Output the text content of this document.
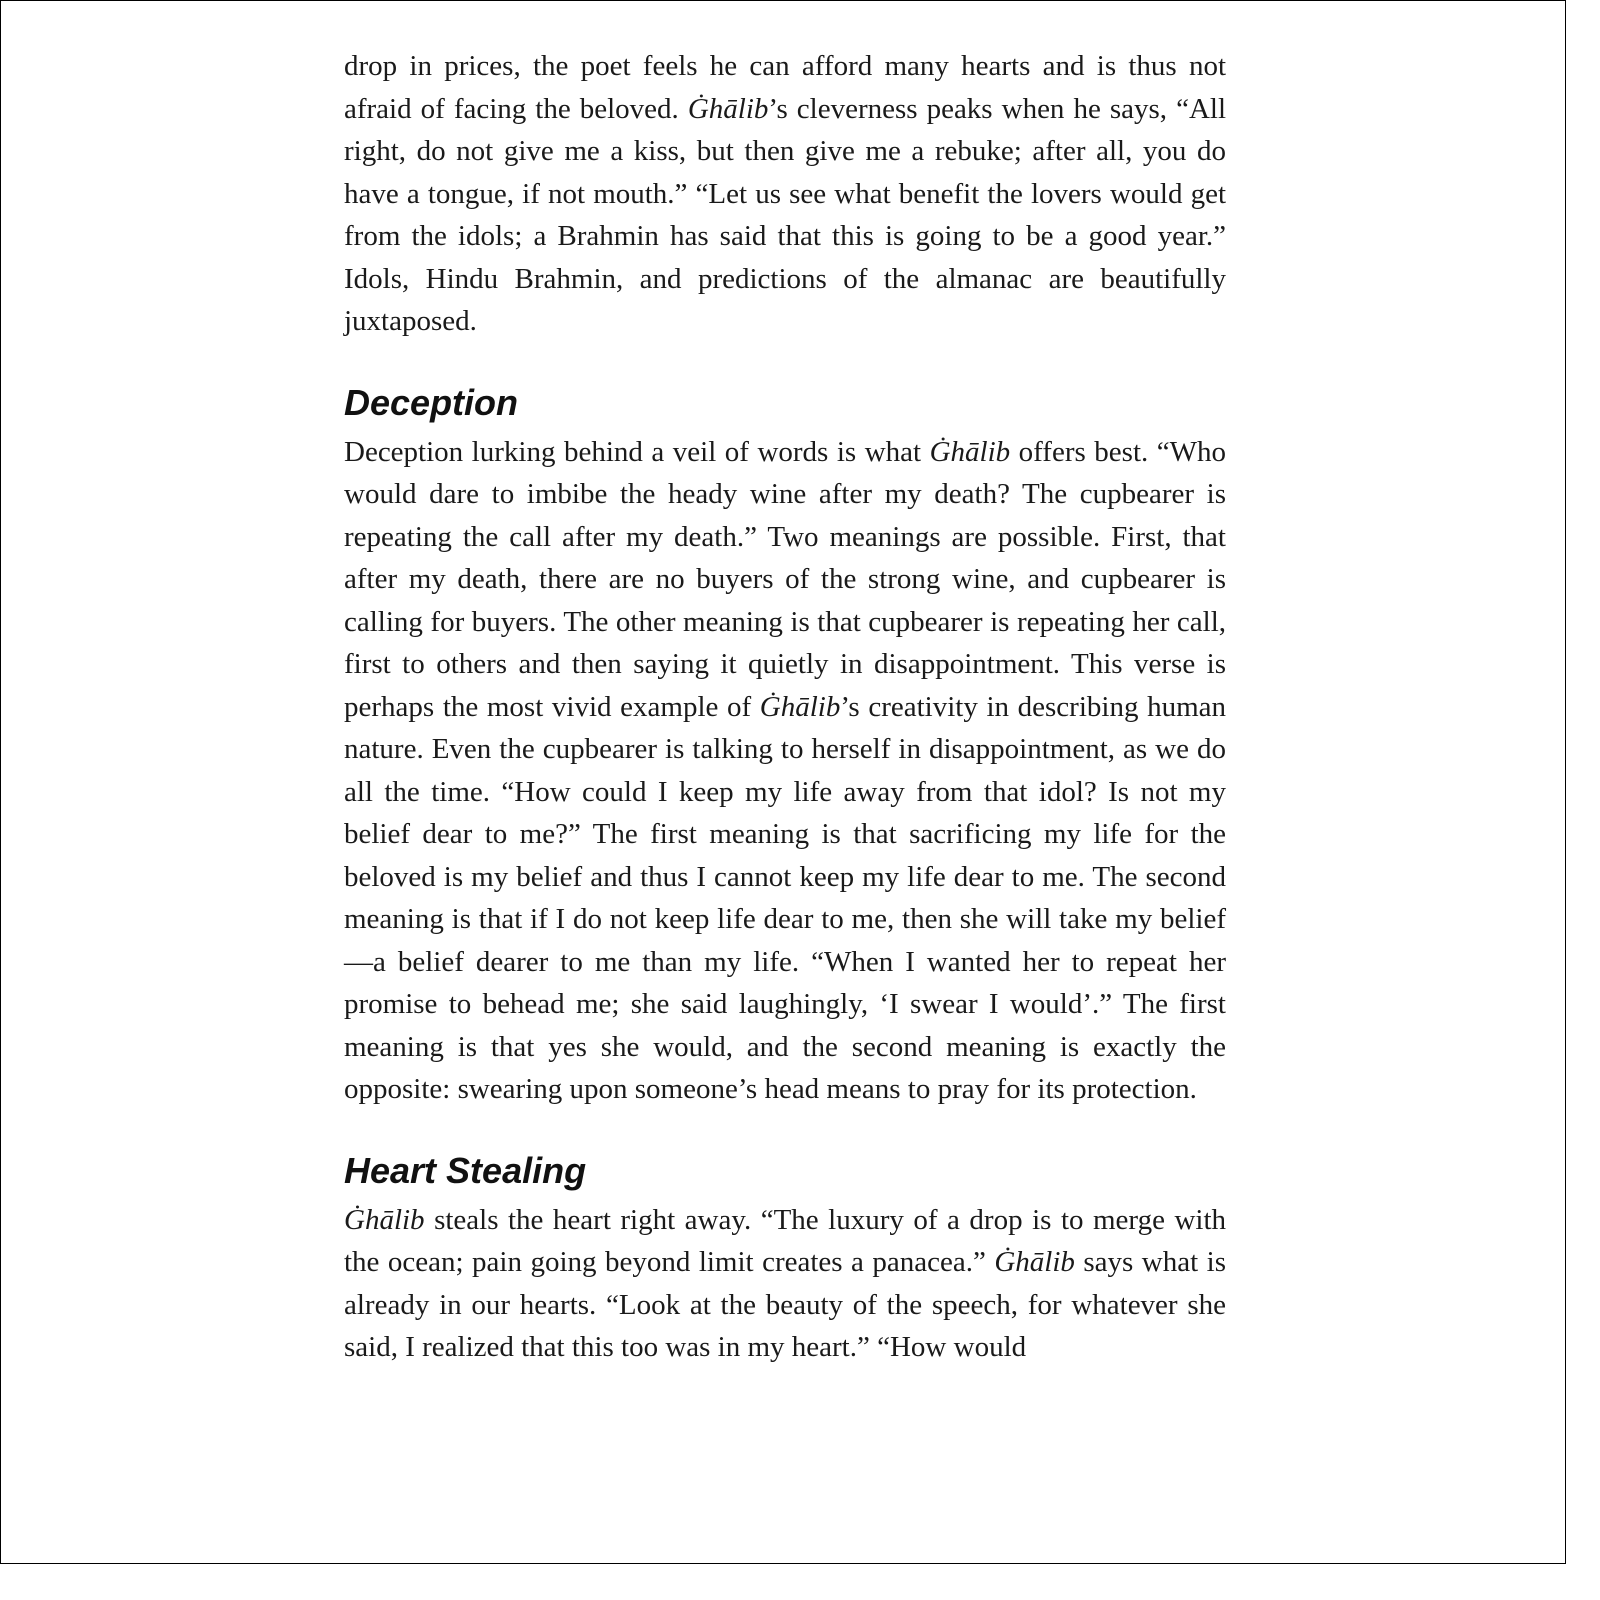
drop in prices, the poet feels he can afford many hearts and is thus not afraid of facing the beloved. Ġhālib’s cleverness peaks when he says, “All right, do not give me a kiss, but then give me a rebuke; after all, you do have a tongue, if not mouth.” “Let us see what benefit the lovers would get from the idols; a Brahmin has said that this is going to be a good year.” Idols, Hindu Brahmin, and predictions of the almanac are beautifully juxtaposed.

Deception

Deception lurking behind a veil of words is what Ġhālib offers best. “Who would dare to imbibe the heady wine after my death? The cupbearer is repeating the call after my death.” Two meanings are possible. First, that after my death, there are no buyers of the strong wine, and cupbearer is calling for buyers. The other meaning is that cupbearer is repeating her call, first to others and then saying it quietly in disappointment. This verse is perhaps the most vivid example of Ġhālib’s creativity in describing human nature. Even the cupbearer is talking to herself in disappointment, as we do all the time. “How could I keep my life away from that idol? Is not my belief dear to me?” The first meaning is that sacrificing my life for the beloved is my belief and thus I cannot keep my life dear to me. The second meaning is that if I do not keep life dear to me, then she will take my belief—a belief dearer to me than my life. “When I wanted her to repeat her promise to behead me; she said laughingly, ‘I swear I would’.” The first meaning is that yes she would, and the second meaning is exactly the opposite: swearing upon someone’s head means to pray for its protection.

Heart Stealing

Ġhālib steals the heart right away. “The luxury of a drop is to merge with the ocean; pain going beyond limit creates a panacea.” Ġhālib says what is already in our hearts. “Look at the beauty of the speech, for whatever she said, I realized that this too was in my heart.” “How would
